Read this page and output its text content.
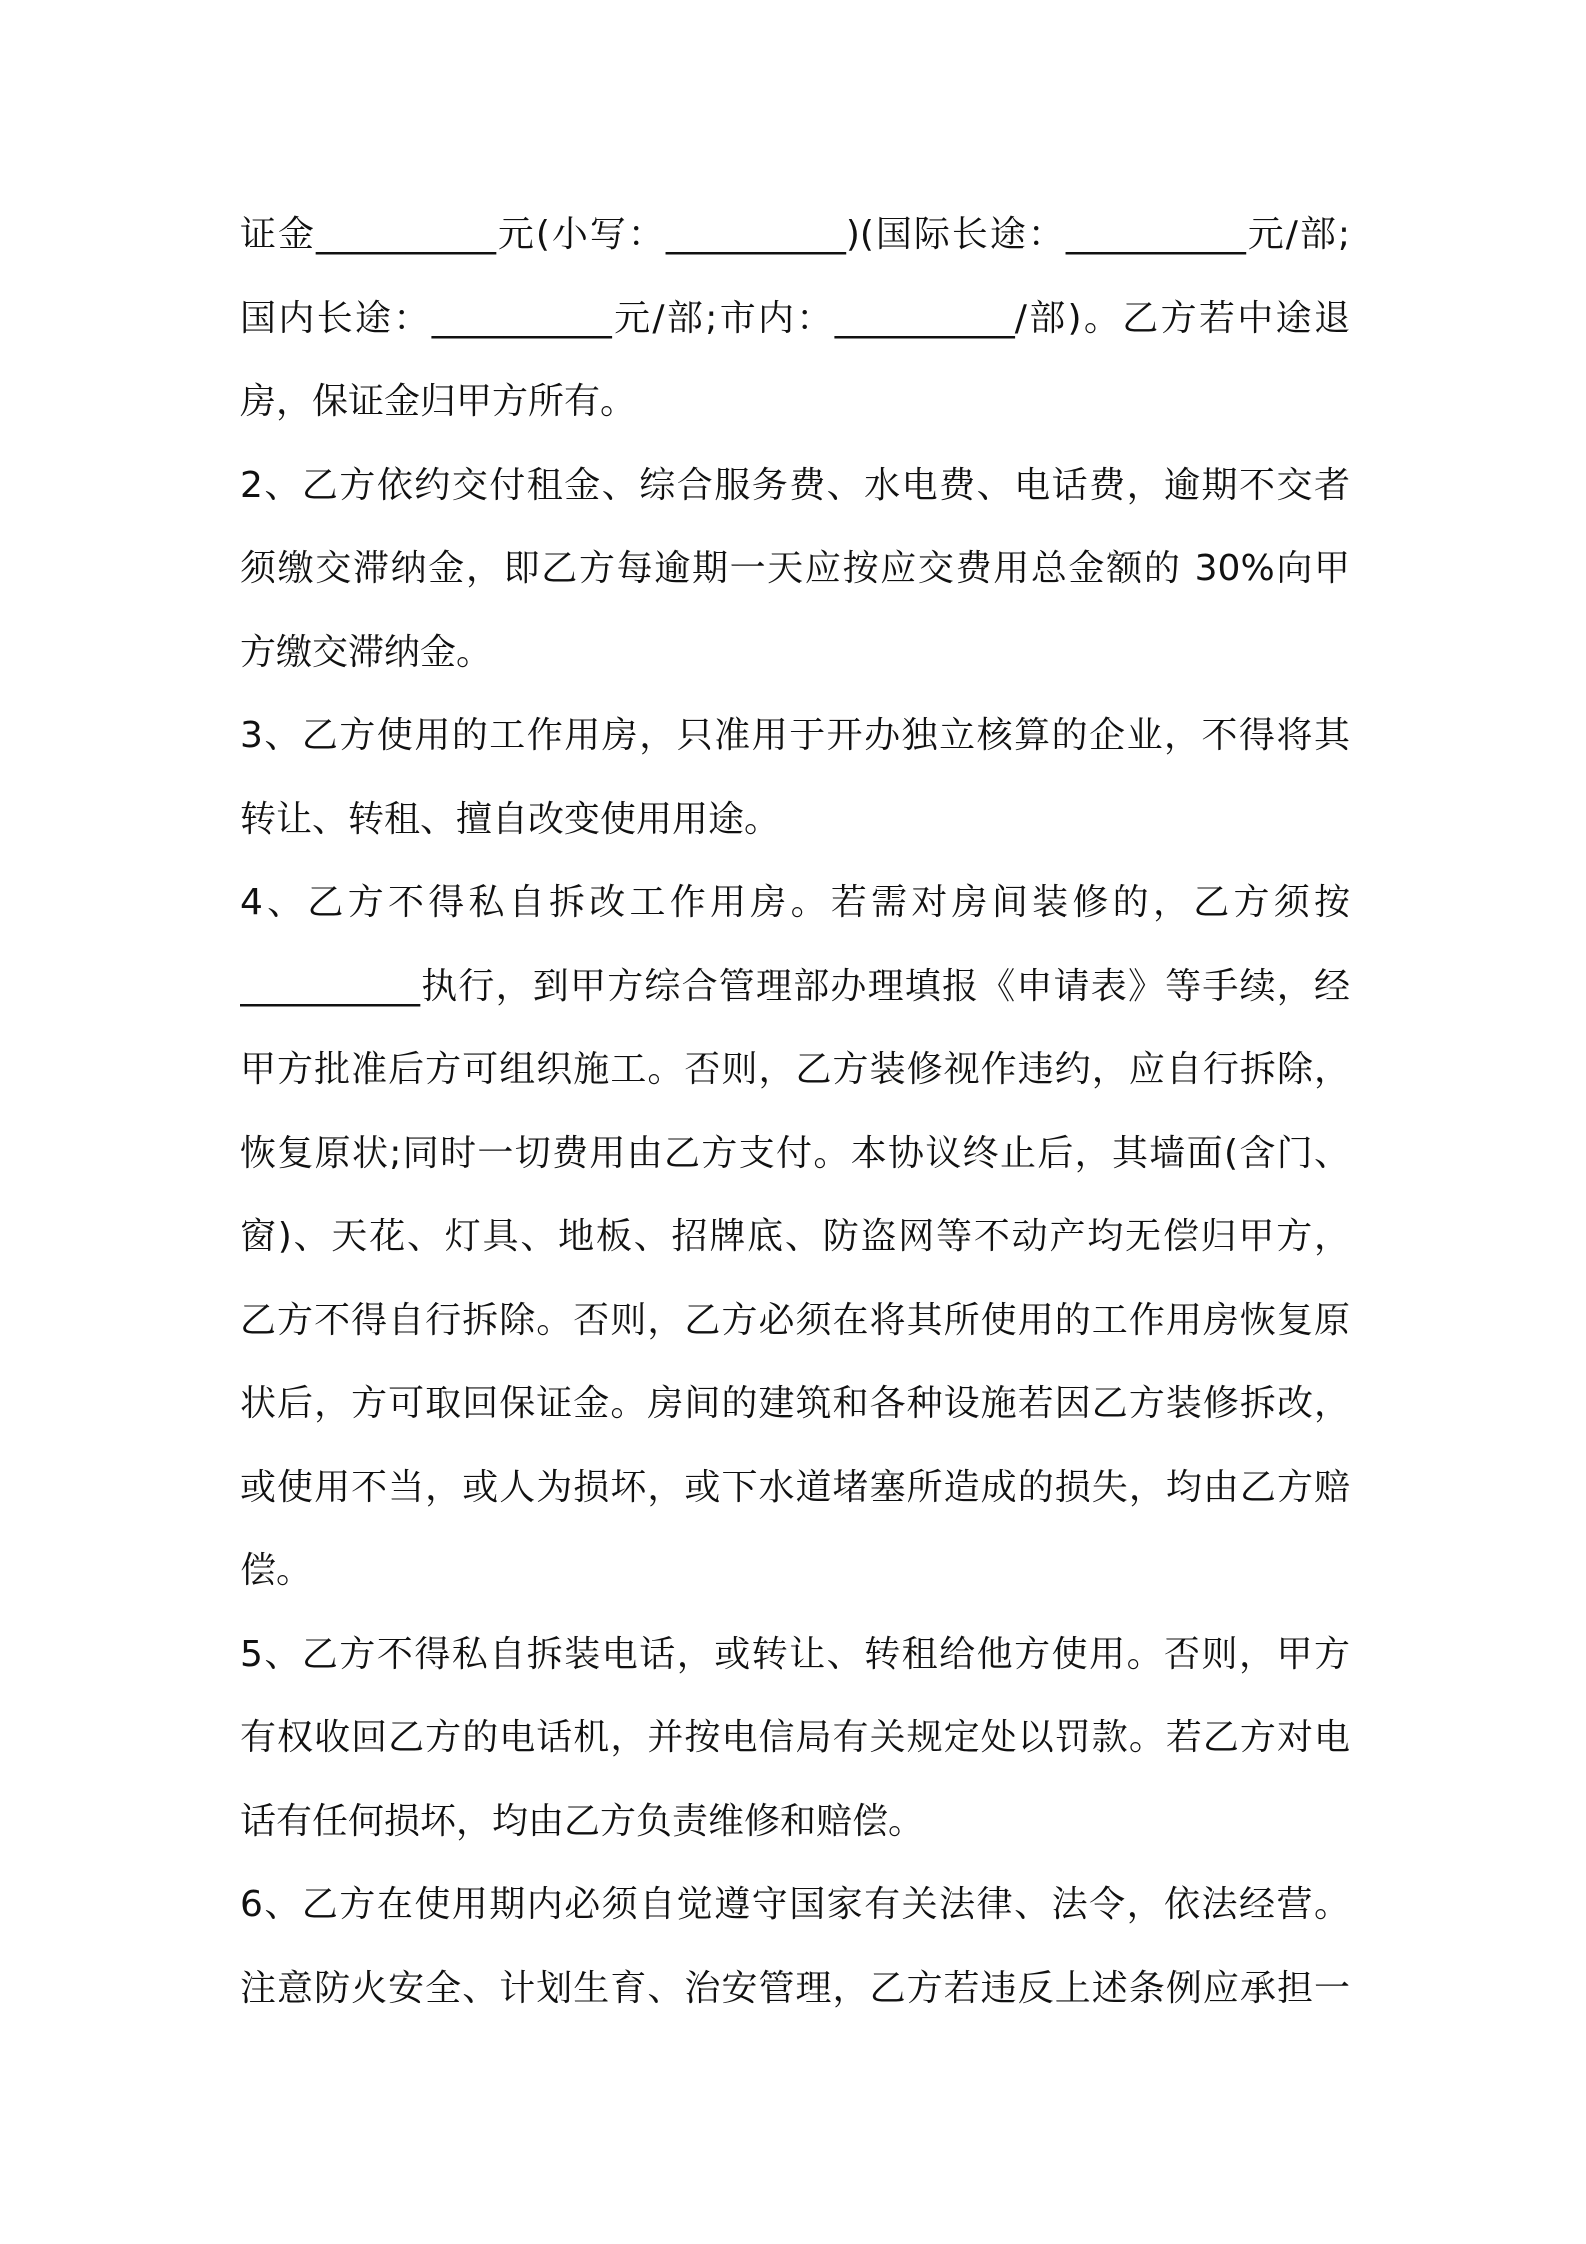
证金__________元(小写：__________)(国际长途：__________元/部;
国内长途：__________元/部;市内：__________/部)。乙方若中途退
房，保证金归甲方所有。
2、乙方依约交付租金、综合服务费、水电费、电话费，逾期不交者
须缴交滞纳金，即乙方每逾期一天应按应交费用总金额的 30%向甲
方缴交滞纳金。
3、乙方使用的工作用房，只准用于开办独立核算的企业，不得将其
转让、转租、擅自改变使用用途。
4、乙方不得私自拆改工作用房。若需对房间装修的，乙方须按
__________执行，到甲方综合管理部办理填报《申请表》等手续，经
甲方批准后方可组织施工。否则，乙方装修视作违约，应自行拆除，
恢复原状;同时一切费用由乙方支付。本协议终止后，其墙面(含门、
窗)、天花、灯具、地板、招牌底、防盗网等不动产均无偿归甲方，
乙方不得自行拆除。否则，乙方必须在将其所使用的工作用房恢复原
状后，方可取回保证金。房间的建筑和各种设施若因乙方装修拆改，
或使用不当，或人为损坏，或下水道堵塞所造成的损失，均由乙方赔
偿。
5、乙方不得私自拆装电话，或转让、转租给他方使用。否则，甲方
有权收回乙方的电话机，并按电信局有关规定处以罚款。若乙方对电
话有任何损坏，均由乙方负责维修和赔偿。
6、乙方在使用期内必须自觉遵守国家有关法律、法令，依法经营。
注意防火安全、计划生育、治安管理，乙方若违反上述条例应承担一
